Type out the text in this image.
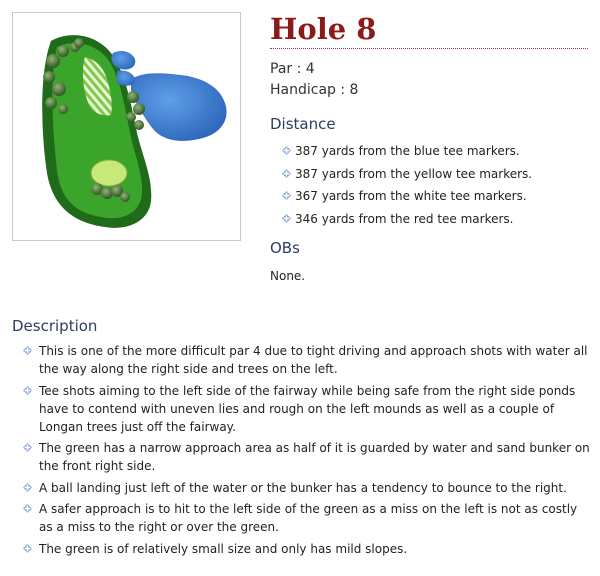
Hole 8
Par : 4
Handicap : 8
Distance
387 yards from the blue tee markers.
387 yards from the yellow tee markers.
367 yards from the white tee markers.
346 yards from the red tee markers.
OBs
None.
Description
This is one of the more difficult par 4 due to tight driving and approach shots with water all the way along the right side and trees on the left.
Tee shots aiming to the left side of the fairway while being safe from the right side ponds have to contend with uneven lies and rough on the left mounds as well as a couple of Longan trees just off the fairway.
The green has a narrow approach area as half of it is guarded by water and sand bunker on the front right side.
A ball landing just left of the water or the bunker has a tendency to bounce to the right.
A safer approach is to hit to the left side of the green as a miss on the left is not as costly as a miss to the right or over the green.
The green is of relatively small size and only has mild slopes.
